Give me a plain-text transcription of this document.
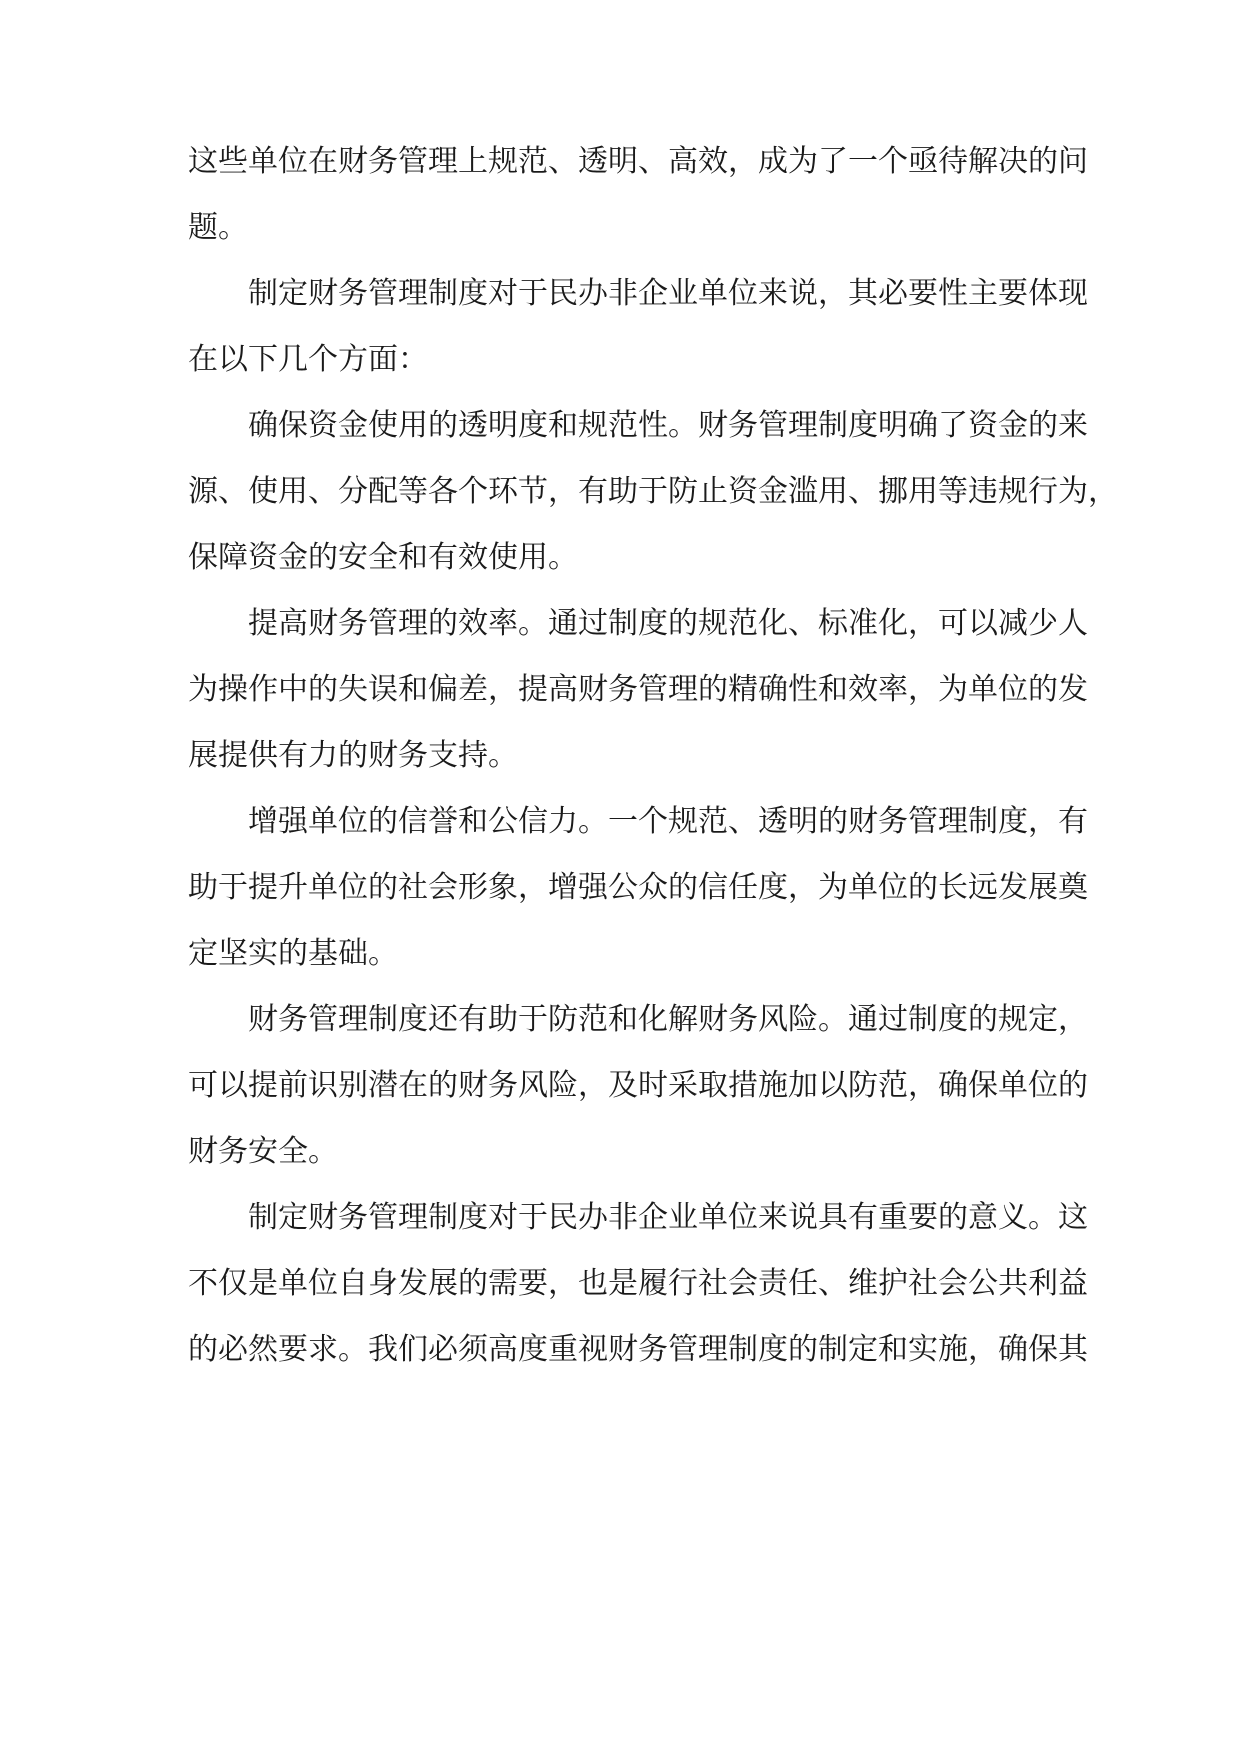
这些单位在财务管理上规范、透明、高效，成为了一个亟待解决的问
题。
制定财务管理制度对于民办非企业单位来说，其必要性主要体现
在以下几个方面：
确保资金使用的透明度和规范性。财务管理制度明确了资金的来
源、使用、分配等各个环节，有助于防止资金滥用、挪用等违规行为，
保障资金的安全和有效使用。
提高财务管理的效率。通过制度的规范化、标准化，可以减少人
为操作中的失误和偏差，提高财务管理的精确性和效率，为单位的发
展提供有力的财务支持。
增强单位的信誉和公信力。一个规范、透明的财务管理制度，有
助于提升单位的社会形象，增强公众的信任度，为单位的长远发展奠
定坚实的基础。
财务管理制度还有助于防范和化解财务风险。通过制度的规定，
可以提前识别潜在的财务风险，及时采取措施加以防范，确保单位的
财务安全。
制定财务管理制度对于民办非企业单位来说具有重要的意义。这
不仅是单位自身发展的需要，也是履行社会责任、维护社会公共利益
的必然要求。我们必须高度重视财务管理制度的制定和实施，确保其
